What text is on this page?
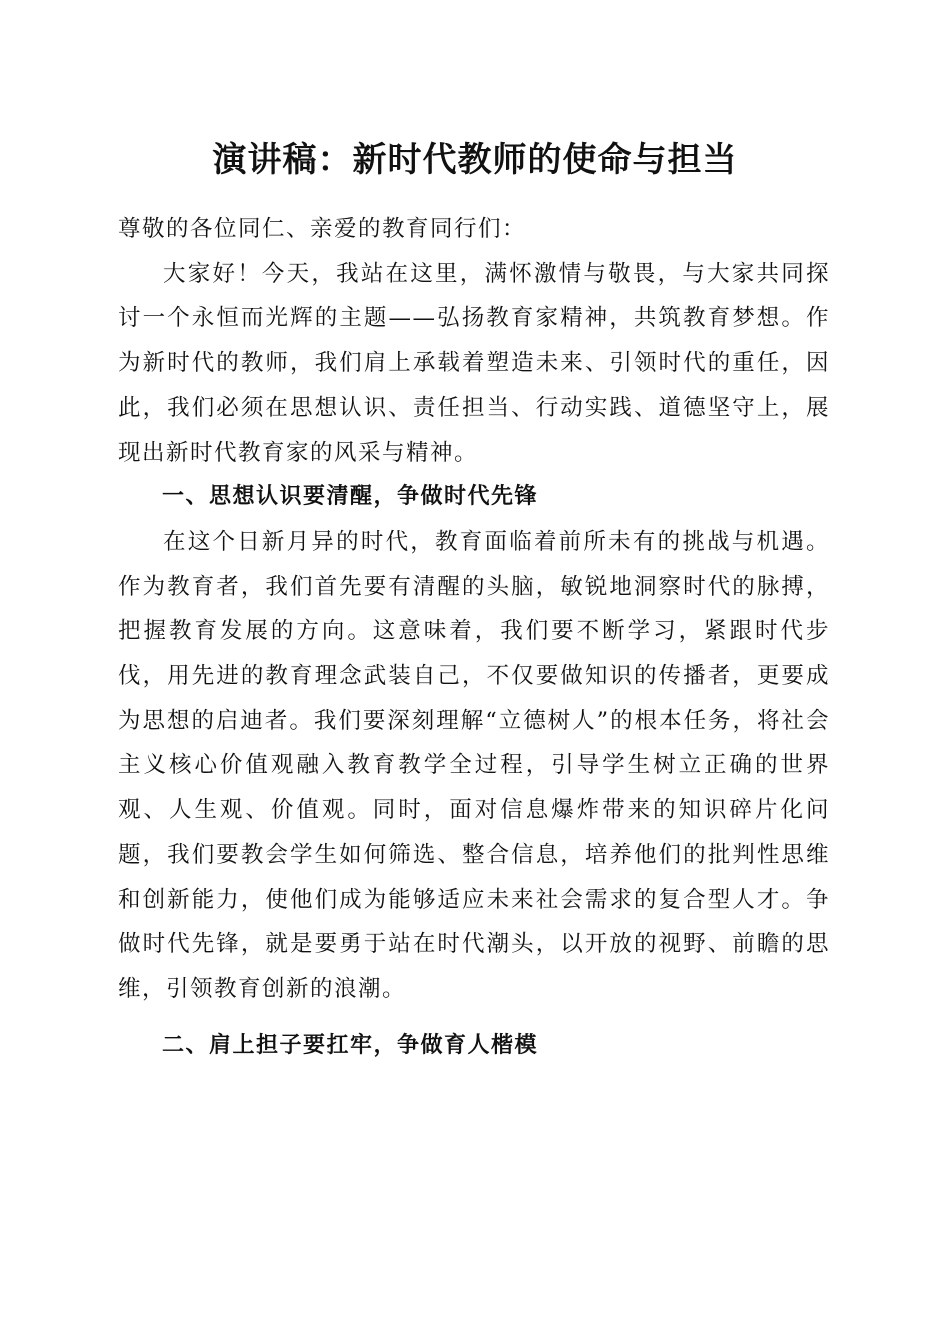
演讲稿：新时代教师的使命与担当

尊敬的各位同仁、亲爱的教育同行们：

大家好！今天，我站在这里，满怀激情与敬畏，与大家共同探讨一个永恒而光辉的主题——弘扬教育家精神，共筑教育梦想。作为新时代的教师，我们肩上承载着塑造未来、引领时代的重任，因此，我们必须在思想认识、责任担当、行动实践、道德坚守上，展现出新时代教育家的风采与精神。

一、思想认识要清醒，争做时代先锋

在这个日新月异的时代，教育面临着前所未有的挑战与机遇。作为教育者，我们首先要有清醒的头脑，敏锐地洞察时代的脉搏，把握教育发展的方向。这意味着，我们要不断学习，紧跟时代步伐，用先进的教育理念武装自己，不仅要做知识的传播者，更要成为思想的启迪者。我们要深刻理解“立德树人”的根本任务，将社会主义核心价值观融入教育教学全过程，引导学生树立正确的世界观、人生观、价值观。同时，面对信息爆炸带来的知识碎片化问题，我们要教会学生如何筛选、整合信息，培养他们的批判性思维和创新能力，使他们成为能够适应未来社会需求的复合型人才。争做时代先锋，就是要勇于站在时代潮头，以开放的视野、前瞻的思维，引领教育创新的浪潮。

二、肩上担子要扛牢，争做育人楷模
